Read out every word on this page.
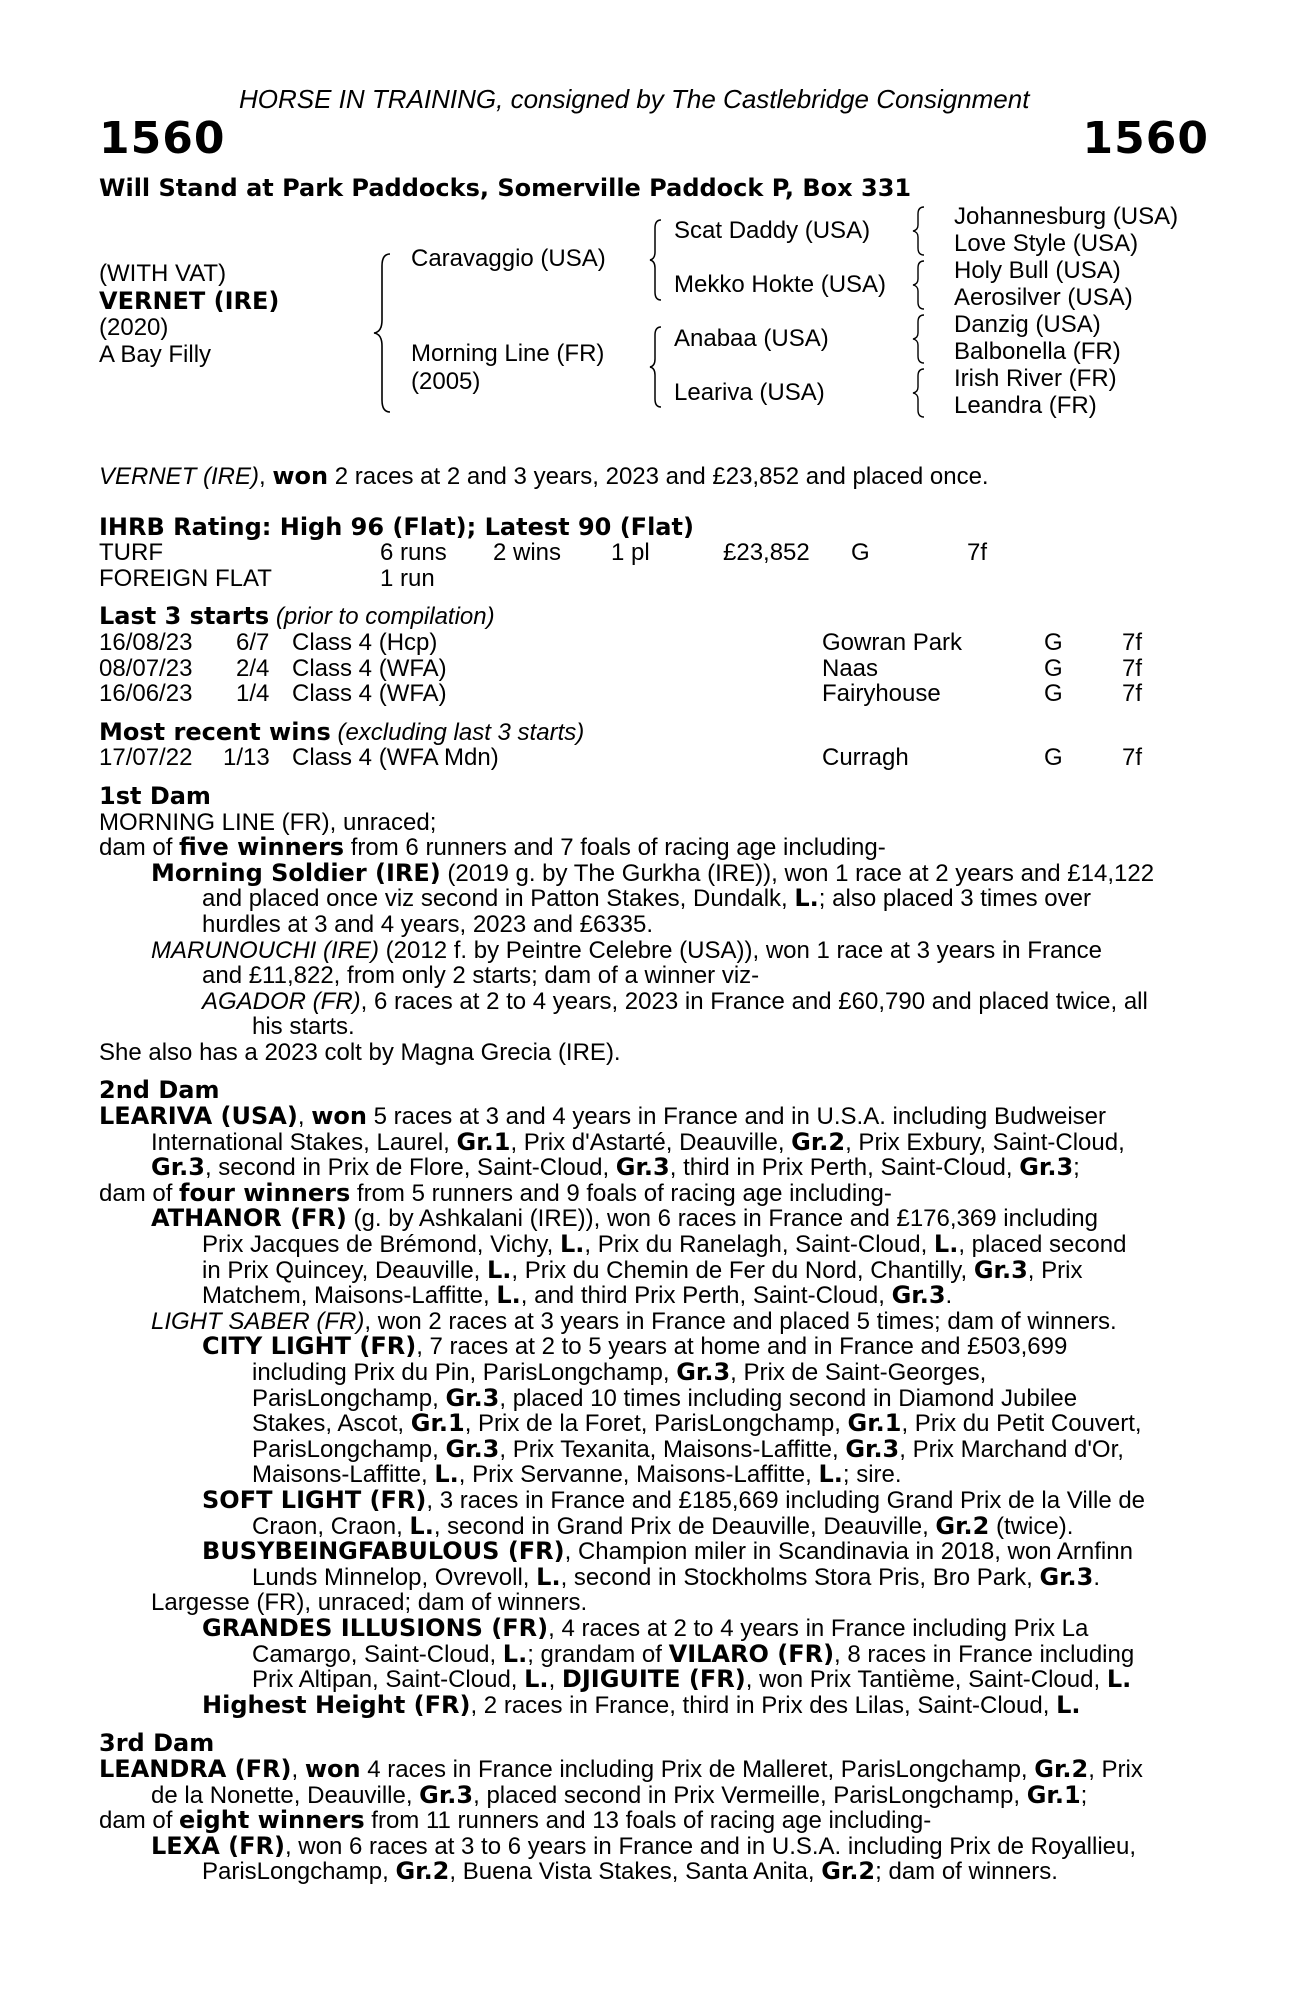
HORSE IN TRAINING, consigned by The Castlebridge Consignment
1560	1560
Will Stand at Park Paddocks, Somerville Paddock P, Box 331
(WITH VAT)
VERNET (IRE)
(2020)
A Bay Filly
Caravaggio (USA)
Morning Line (FR)
(2005)
Scat Daddy (USA)
Mekko Hokte (USA)
Anabaa (USA)
Leariva (USA)
Johannesburg (USA)
Love Style (USA)
Holy Bull (USA)
Aerosilver (USA)
Danzig (USA)
Balbonella (FR)
Irish River (FR)
Leandra (FR)

VERNET (IRE), won 2 races at 2 and 3 years, 2023 and £23,852 and placed once.

IHRB Rating: High 96 (Flat); Latest 90 (Flat)

TURF	6 runs	2 wins	1 pl	£23,852	G	7f
FOREIGN FLAT	1 run

Last 3 starts (prior to compilation)

16/08/23	6/7 Class 4 (Hcp)	Gowran Park	G	7f
08/07/23	2/4 Class 4 (WFA)	Naas	G	7f
16/06/23	1/4 Class 4 (WFA)	Fairyhouse	G	7f

Most recent wins (excluding last 3 starts)

17/07/22	1/13 Class 4 (WFA Mdn)	Curragh	G	7f

1st Dam

MORNING LINE (FR), unraced;

dam of five winners from 6 runners and 7 foals of racing age including-

Morning Soldier (IRE) (2019 g. by The Gurkha (IRE)), won 1 race at 2 years and £14,122

and placed once viz second in Patton Stakes, Dundalk, L.; also placed 3 times over

hurdles at 3 and 4 years, 2023 and £6335.

MARUNOUCHI (IRE) (2012 f. by Peintre Celebre (USA)), won 1 race at 3 years in France

and £11,822, from only 2 starts; dam of a winner viz-

AGADOR (FR), 6 races at 2 to 4 years, 2023 in France and £60,790 and placed twice, all

his starts.

She also has a 2023 colt by Magna Grecia (IRE).

2nd Dam

LEARIVA (USA), won 5 races at 3 and 4 years in France and in U.S.A. including Budweiser

International Stakes, Laurel, Gr.1, Prix d'Astarté, Deauville, Gr.2, Prix Exbury, Saint-Cloud,

Gr.3, second in Prix de Flore, Saint-Cloud, Gr.3, third in Prix Perth, Saint-Cloud, Gr.3;

dam of four winners from 5 runners and 9 foals of racing age including-

ATHANOR (FR) (g. by Ashkalani (IRE)), won 6 races in France and £176,369 including

Prix Jacques de Brémond, Vichy, L., Prix du Ranelagh, Saint-Cloud, L., placed second

in Prix Quincey, Deauville, L., Prix du Chemin de Fer du Nord, Chantilly, Gr.3, Prix

Matchem, Maisons-Laffitte, L., and third Prix Perth, Saint-Cloud, Gr.3.

LIGHT SABER (FR), won 2 races at 3 years in France and placed 5 times; dam of winners.

CITY LIGHT (FR), 7 races at 2 to 5 years at home and in France and £503,699

including Prix du Pin, ParisLongchamp, Gr.3, Prix de Saint-Georges,

ParisLongchamp, Gr.3, placed 10 times including second in Diamond Jubilee

Stakes, Ascot, Gr.1, Prix de la Foret, ParisLongchamp, Gr.1, Prix du Petit Couvert,

ParisLongchamp, Gr.3, Prix Texanita, Maisons-Laffitte, Gr.3, Prix Marchand d'Or,

Maisons-Laffitte, L., Prix Servanne, Maisons-Laffitte, L.; sire.

SOFT LIGHT (FR), 3 races in France and £185,669 including Grand Prix de la Ville de

Craon, Craon, L., second in Grand Prix de Deauville, Deauville, Gr.2 (twice).

BUSYBEINGFABULOUS (FR), Champion miler in Scandinavia in 2018, won Arnfinn

Lunds Minnelop, Ovrevoll, L., second in Stockholms Stora Pris, Bro Park, Gr.3.

Largesse (FR), unraced; dam of winners.

GRANDES ILLUSIONS (FR), 4 races at 2 to 4 years in France including Prix La

Camargo, Saint-Cloud, L.; grandam of VILARO (FR), 8 races in France including

Prix Altipan, Saint-Cloud, L., DJIGUITE (FR), won Prix Tantième, Saint-Cloud, L.

Highest Height (FR), 2 races in France, third in Prix des Lilas, Saint-Cloud, L.

3rd Dam

LEANDRA (FR), won 4 races in France including Prix de Malleret, ParisLongchamp, Gr.2, Prix

de la Nonette, Deauville, Gr.3, placed second in Prix Vermeille, ParisLongchamp, Gr.1;

dam of eight winners from 11 runners and 13 foals of racing age including-

LEXA (FR), won 6 races at 3 to 6 years in France and in U.S.A. including Prix de Royallieu,

ParisLongchamp, Gr.2, Buena Vista Stakes, Santa Anita, Gr.2; dam of winners.
